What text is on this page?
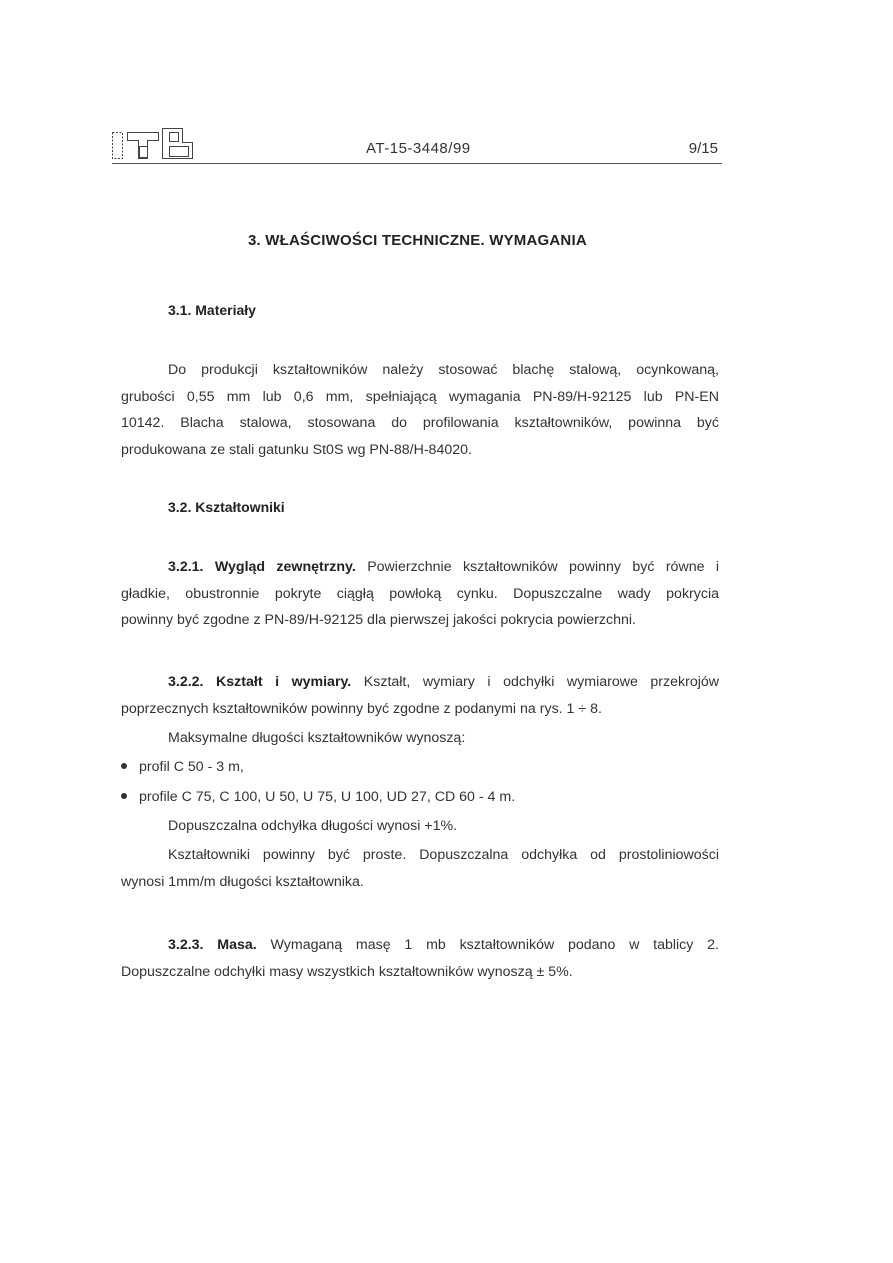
AT-15-3448/99	9/15
3. WŁAŚCIWOŚCI TECHNICZNE. WYMAGANIA
3.1. Materiały
Do produkcji kształtowników należy stosować blachę stalową, ocynkowaną,
grubości 0,55 mm lub 0,6 mm, spełniającą wymagania PN-89/H-92125 lub PN-EN
10142. Blacha stalowa, stosowana do profilowania kształtowników, powinna być
produkowana ze stali gatunku St0S wg PN-88/H-84020.
3.2. Kształtowniki
3.2.1. Wygląd zewnętrzny. Powierzchnie kształtowników powinny być równe i
gładkie, obustronnie pokryte ciągłą powłoką cynku. Dopuszczalne wady pokrycia
powinny być zgodne z PN-89/H-92125 dla pierwszej jakości pokrycia powierzchni.
3.2.2. Kształt i wymiary. Kształt, wymiary i odchyłki wymiarowe przekrojów
poprzecznych kształtowników powinny być zgodne z podanymi na rys. 1 ÷ 8.
Maksymalne długości kształtowników wynoszą:
profil C 50 - 3 m,
profile C 75, C 100, U 50, U 75, U 100, UD 27, CD 60 - 4 m.
Dopuszczalna odchyłka długości wynosi +1%.
Kształtowniki powinny być proste. Dopuszczalna odchyłka od prostoliniowości
wynosi 1mm/m długości kształtownika.
3.2.3. Masa. Wymaganą masę 1 mb kształtowników podano w tablicy 2.
Dopuszczalne odchyłki masy wszystkich kształtowników wynoszą ± 5%.
